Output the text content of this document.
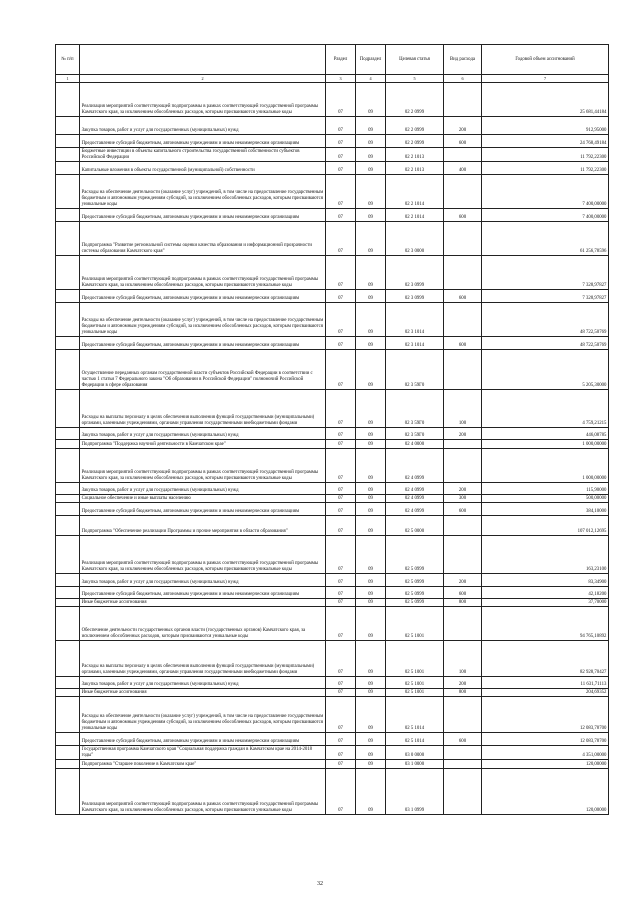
№ п/п		Раздел	Подраздел	Целевая статья	Вид расхода	Годовой объем ассигнований
1	2	3	4	5	6	7
	Реализация мероприятий соответствующей подпрограммы в рамках соответствующей государственной программы Камчатского края, за исключением обособленных расходов, которым присваиваются уникальные коды	07	09	02 2 0999		25 681,44184
	Закупка товаров, работ и услуг для государственных (муниципальных) нужд	07	09	02 2 0999	200	912,95000
	Предоставление субсидий бюджетным, автономным учреждениям и иным некоммерческим организациям	07	09	02 2 0999	600	24 768,49184
	Бюджетные инвестиции в объекты капитального строительства государственной собственности субъектов Российской Федерации	07	09	02 2 1013		11 792,22300
	Капитальные вложения в объекты государственной (муниципальной) собственности	07	09	02 2 1013	400	11 792,22300
	Расходы на обеспечение деятельности (оказание услуг) учреждений, в том числе на предоставление государственным бюджетным и автономным учреждениям субсидий, за исключением обособленных расходов, которым присваиваются уникальные коды	07	09	02 2 1014		7 400,00000
	Предоставление субсидий бюджетным, автономным учреждениям и иным некоммерческим организациям	07	09	02 2 1014	600	7 400,00000
	Подпрограмма "Развитие региональной системы оценки качества образования и информационной прозрачности системы образования Камчатского края"	07	09	02 3 0000		61 256,78596
	Реализация мероприятий соответствующей подпрограммы в рамках соответствующей государственной программы Камчатского края, за исключением обособленных расходов, которым присваиваются уникальные коды	07	09	02 3 0999		7 328,97827
	Предоставление субсидий бюджетным, автономным учреждениям и иным некоммерческим организациям	07	09	02 3 0999	600	7 328,97827
	Расходы на обеспечение деятельности (оказание услуг) учреждений, в том числе на предоставление государственным бюджетным и автономным учреждениям субсидий, за исключением обособленных расходов, которым присваиваются уникальные коды	07	09	02 3 1014		48 722,50769
	Предоставление субсидий бюджетным, автономным учреждениям и иным некоммерческим организациям	07	09	02 3 1014	600	48 722,50769
	Осуществление переданных органам государственной власти субъектов Российской Федерации в соответствии с частью 1 статьи 7 Федерального закона "Об образовании в Российской Федерации" полномочий Российской Федерации в сфере образования	07	09	02 3 59Г0		5 205,30000
	Расходы на выплаты персоналу в целях обеспечения выполнения функций государственными (муниципальными) органами, казенными учреждениями, органами управления государственными внебюджетными фондами	07	09	02 3 59Г0	100	4 759,21215
	Закупка товаров, работ и услуг для государственных (муниципальных) нужд	07	09	02 3 59Г0	200	446,08785
	Подпрограмма "Поддержка научной деятельности в Камчатском крае"	07	09	02 4 0000		1 000,00000
	Реализация мероприятий соответствующей подпрограммы в рамках соответствующей государственной программы Камчатского края, за исключением обособленных расходов, которым присваиваются уникальные коды	07	09	02 4 0999		1 000,00000
	Закупка товаров, работ и услуг для государственных (муниципальных) нужд	07	09	02 4 0999	200	115,90000
	Социальное обеспечение и иные выплаты населению	07	09	02 4 0999	300	500,00000
	Предоставление субсидий бюджетным, автономным учреждениям и иным некоммерческим организациям	07	09	02 4 0999	600	384,10000
	Подпрограмма "Обеспечение реализации Программы и прочие мероприятия в области образования"	07	09	02 5 0000		107 012,12695
	Реализация мероприятий соответствующей подпрограммы в рамках соответствующей государственной программы Камчатского края, за исключением обособленных расходов, которым присваиваются уникальные коды	07	09	02 5 0999		163,23100
	Закупка товаров, работ и услуг для государственных (муниципальных) нужд	07	09	02 5 0999	200	83,34900
	Предоставление субсидий бюджетным, автономным учреждениям и иным некоммерческим организациям	07	09	02 5 0999	600	42,18200
	Иные бюджетные ассигнования	07	09	02 5 0999	800	37,70000
	Обеспечение деятельности государственных органов власти (государственных органов) Камчатского края, за исключением обособленных расходов, которым присваиваются уникальные коды	07	09	02 5 1001		94 765,10892
	Расходы на выплаты персоналу в целях обеспечения выполнения функций государственными (муниципальными) органами, казенными учреждениями, органами управления государственными внебюджетными фондами	07	09	02 5 1001	100	82 928,70427
	Закупка товаров, работ и услуг для государственных (муниципальных) нужд	07	09	02 5 1001	200	11 631,71113
	Иные бюджетные ассигнования	07	09	02 5 1001	800	204,69352
	Расходы на обеспечение деятельности (оказание услуг) учреждений, в том числе на предоставление государственным бюджетным и автономным учреждениям субсидий, за исключением обособленных расходов, которым присваиваются уникальные коды	07	09	02 5 1014		12 083,78700
	Предоставление субсидий бюджетным, автономным учреждениям и иным некоммерческим организациям	07	09	02 5 1014	600	12 083,78700
	Государственная программа Камчатского края "Социальная поддержка граждан в Камчатском крае на 2014-2018 годы"	07	09	03 0 0000		4 351,00000
	Подпрограмма "Старшее поколение в Камчатском крае"	07	09	03 1 0000		120,00000
	Реализация мероприятий соответствующей подпрограммы в рамках соответствующей государственной программы Камчатского края, за исключением обособленных расходов, которым присваиваются уникальные коды	07	09	03 1 0999		120,00000
32
